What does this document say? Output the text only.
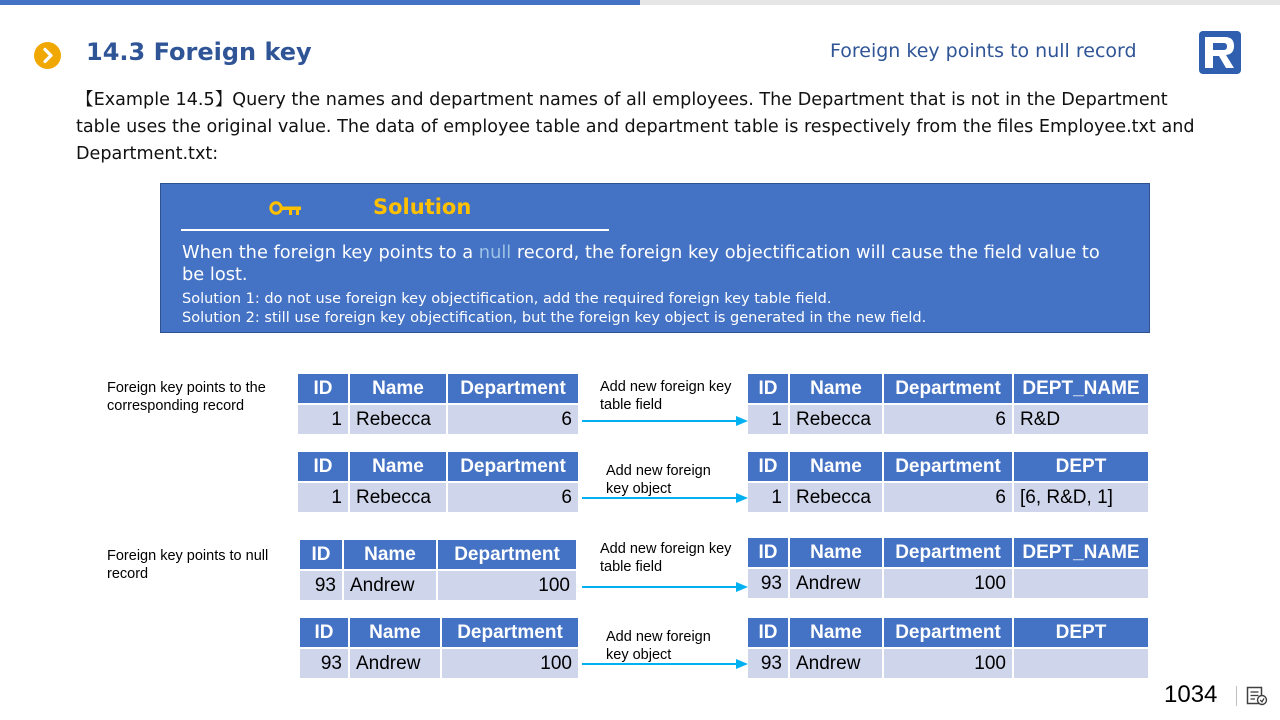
14.3 Foreign key	Foreign key points to null record
【Example 14.5】Query the names and department names of all employees. The Department that is not in the Department
table uses the original value. The data of employee table and department table is respectively from the files Employee.txt and
Department.txt:
Solution
When the foreign key points to a null record, the foreign key objectification will cause the field value to be lost.
Solution 1: do not use foreign key objectification, add the required foreign key table field.
Solution 2: still use foreign key objectification, but the foreign key object is generated in the new field.
Foreign key points to the corresponding record
Foreign key points to null record
Add new foreign key table field
Add new foreign key object
Add new foreign key table field
Add new foreign key object
ID	Name	Department
1	Rebecca	6
ID	Name	Department	DEPT_NAME
1	Rebecca	6	R&D
ID	Name	Department
1	Rebecca	6
ID	Name	Department	DEPT
1	Rebecca	6	[6, R&D, 1]
ID	Name	Department
93	Andrew	100
ID	Name	Department	DEPT_NAME
93	Andrew	100	
ID	Name	Department
93	Andrew	100
ID	Name	Department	DEPT
93	Andrew	100	
1034
